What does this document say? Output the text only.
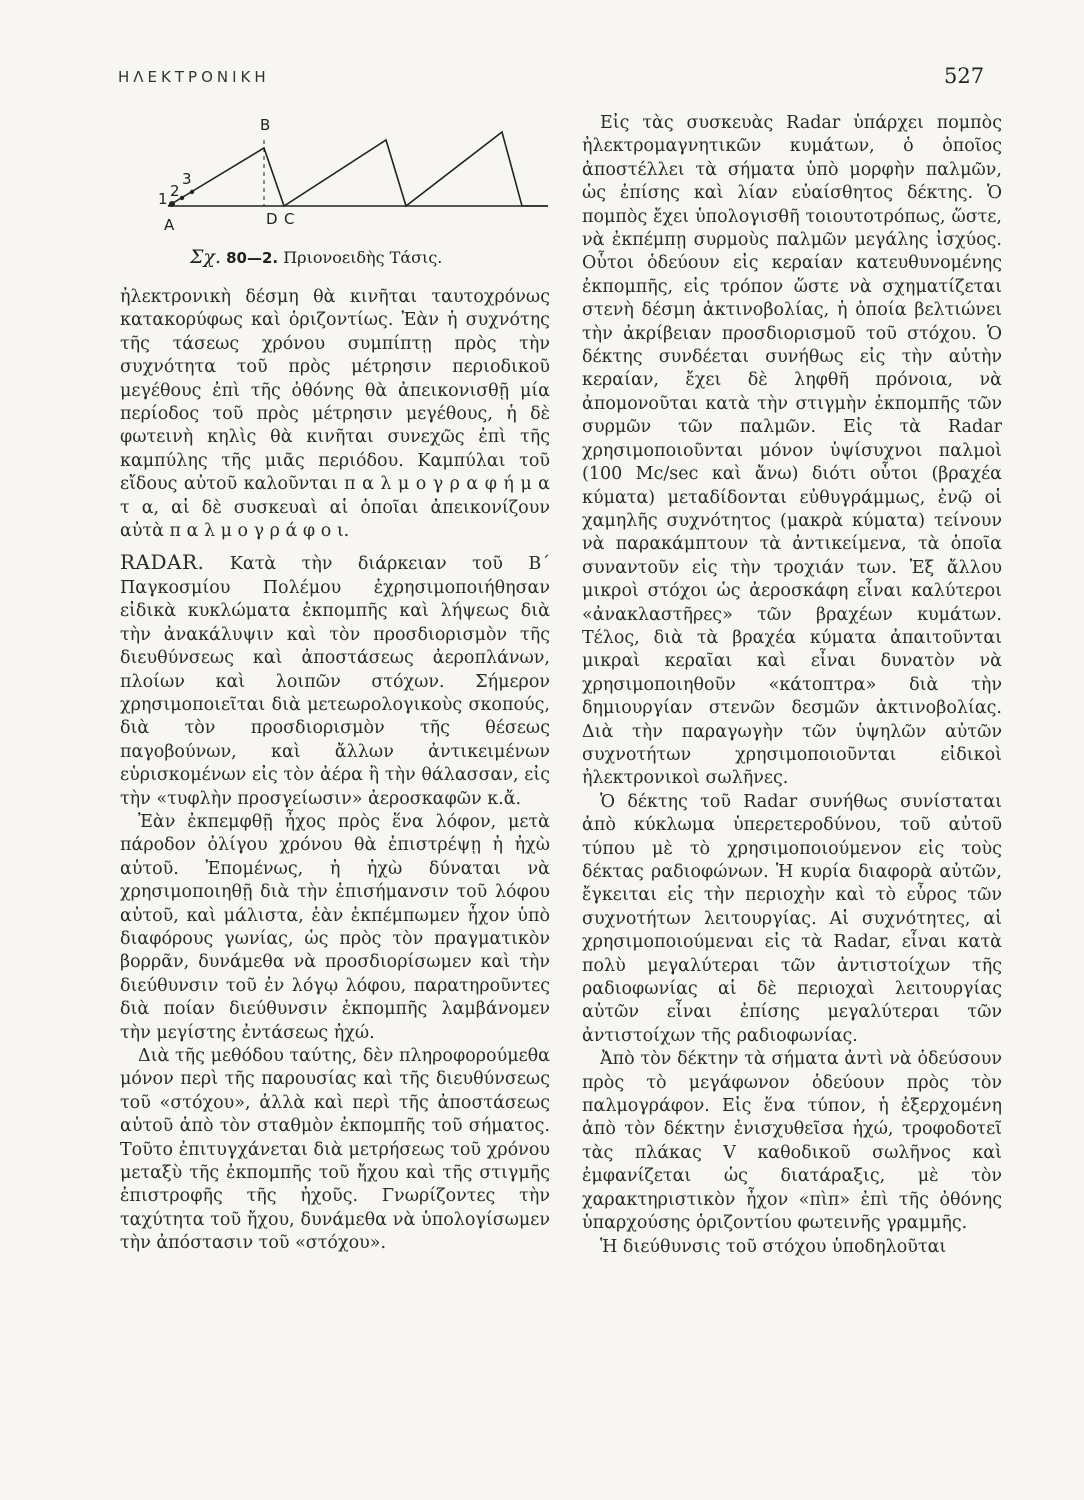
ΗΛΕΚΤΡΟΝΙΚΗ	527
B
1 2
3
A	D C
Σχ. 80—2. Πριονοειδὴς Τάσις.

ἠλεκτρονικὴ δέσμη θὰ κινῆται ταυτοχρόνως κατακορύφως καὶ ὁριζοντίως. Ἐὰν ἡ συχνότης τῆς τάσεως χρόνου συμπίπτῃ πρὸς τὴν συχνότητα τοῦ πρὸς μέτρησιν περιοδικοῦ μεγέθους ἐπὶ τῆς ὀθόνης θὰ ἀπεικονισθῇ μία περίοδος τοῦ πρὸς μέτρησιν μεγέθους, ἡ δὲ φωτεινὴ κηλὶς θὰ κινῆται συνεχῶς ἐπὶ τῆς καμπύλης τῆς μιᾶς περιόδου. Καμπύλαι τοῦ εἴδους αὐτοῦ καλοῦνται π α λ μ ο γ ρ α φ ή μ α τ α, αἱ δὲ συσκευαὶ αἱ ὁποῖαι ἀπεικονίζουν αὐτὰ π α λ μ ο γ ρ ά φ ο ι.

RADAR. Κατὰ τὴν διάρκειαν τοῦ Β΄ Παγκοσμίου Πολέμου ἐχρησιμοποιήθησαν εἰδικὰ κυκλώματα ἐκπομπῆς καὶ λήψεως διὰ τὴν ἀνακάλυψιν καὶ τὸν προσδιορισμὸν τῆς διευθύνσεως καὶ ἀποστάσεως ἀεροπλάνων, πλοίων καὶ λοιπῶν στόχων. Σήμερον χρησιμοποιεῖται διὰ μετεωρολογικοὺς σκοπούς, διὰ τὸν προσδιορισμὸν τῆς θέσεως παγοβούνων, καὶ ἄλλων ἀντικειμένων εὑρισκομένων εἰς τὸν ἀέρα ἢ τὴν θάλασσαν, εἰς τὴν «τυφλὴν προσγείωσιν» ἀεροσκαφῶν κ.ἄ.

Ἐὰν ἐκπεμφθῇ ἦχος πρὸς ἕνα λόφον, μετὰ πάροδον ὀλίγου χρόνου θὰ ἐπιστρέψῃ ἡ ἠχὼ αὐτοῦ. Ἐπομένως, ἡ ἠχὼ δύναται νὰ χρησιμοποιηθῇ διὰ τὴν ἐπισήμανσιν τοῦ λόφου αὐτοῦ, καὶ μάλιστα, ἐὰν ἐκπέμπωμεν ἦχον ὑπὸ διαφόρους γωνίας, ὡς πρὸς τὸν πραγματικὸν βορρᾶν, δυνάμεθα νὰ προσδιορίσωμεν καὶ τὴν διεύθυνσιν τοῦ ἐν λόγῳ λόφου, παρατηροῦντες διὰ ποίαν διεύθυνσιν ἐκπομπῆς λαμβάνομεν τὴν μεγίστης ἐντάσεως ἠχώ.

Διὰ τῆς μεθόδου ταύτης, δὲν πληροφορούμεθα μόνον περὶ τῆς παρουσίας καὶ τῆς διευθύνσεως τοῦ «στόχου», ἀλλὰ καὶ περὶ τῆς ἀποστάσεως αὐτοῦ ἀπὸ τὸν σταθμὸν ἐκπομπῆς τοῦ σήματος. Τοῦτο ἐπιτυγχάνεται διὰ μετρήσεως τοῦ χρόνου μεταξὺ τῆς ἐκπομπῆς τοῦ ἤχου καὶ τῆς στιγμῆς ἐπιστροφῆς τῆς ἠχοῦς. Γνωρίζοντες τὴν ταχύτητα τοῦ ἤχου, δυνάμεθα νὰ ὑπολογίσωμεν τὴν ἀπόστασιν τοῦ «στόχου».

Εἰς τὰς συσκευὰς Radar ὑπάρχει πομπὸς ἠλεκτρομαγνητικῶν κυμάτων, ὁ ὁποῖος ἀποστέλλει τὰ σήματα ὑπὸ μορφὴν παλμῶν, ὡς ἐπίσης καὶ λίαν εὐαίσθητος δέκτης. Ὁ πομπὸς ἔχει ὑπολογισθῆ τοιουτοτρόπως, ὥστε, νὰ ἐκπέμπῃ συρμοὺς παλμῶν μεγάλης ἰσχύος. Οὗτοι ὁδεύουν εἰς κεραίαν κατευθυνομένης ἐκπομπῆς, εἰς τρόπον ὥστε νὰ σχηματίζεται στενὴ δέσμη ἀκτινοβολίας, ἡ ὁποία βελτιώνει τὴν ἀκρίβειαν προσδιορισμοῦ τοῦ στόχου. Ὁ δέκτης συνδέεται συνήθως εἰς τὴν αὐτὴν κεραίαν, ἔχει δὲ ληφθῆ πρόνοια, νὰ ἀπομονοῦται κατὰ τὴν στιγμὴν ἐκπομπῆς τῶν συρμῶν τῶν παλμῶν. Εἰς τὰ Radar χρησιμοποιοῦνται μόνον ὑψίσυχνοι παλμοὶ (100 Mc/sec καὶ ἄνω) διότι οὗτοι (βραχέα κύματα) μεταδίδονται εὐθυγράμμως, ἐνῷ οἱ χαμηλῆς συχνότητος (μακρὰ κύματα) τείνουν νὰ παρακάμπτουν τὰ ἀντικείμενα, τὰ ὁποῖα συναντοῦν εἰς τὴν τροχιάν των. Ἐξ ἄλλου μικροὶ στόχοι ὡς ἀεροσκάφη εἶναι καλύτεροι «ἀνακλαστῆρες» τῶν βραχέων κυμάτων. Τέλος, διὰ τὰ βραχέα κύματα ἀπαιτοῦνται μικραὶ κεραῖαι καὶ εἶναι δυνατὸν νὰ χρησιμοποιηθοῦν «κάτοπτρα» διὰ τὴν δημιουργίαν στενῶν δεσμῶν ἀκτινοβολίας. Διὰ τὴν παραγωγὴν τῶν ὑψηλῶν αὐτῶν συχνοτήτων χρησιμοποιοῦνται εἰδικοὶ ἠλεκτρονικοὶ σωλῆνες.

Ὁ δέκτης τοῦ Radar συνήθως συνίσταται ἀπὸ κύκλωμα ὑπερετεροδύνου, τοῦ αὐτοῦ τύπου μὲ τὸ χρησιμοποιούμενον εἰς τοὺς δέκτας ραδιοφώνων. Ἡ κυρία διαφορὰ αὐτῶν, ἔγκειται εἰς τὴν περιοχὴν καὶ τὸ εὖρος τῶν συχνοτήτων λειτουργίας. Αἱ συχνότητες, αἱ χρησιμοποιούμεναι εἰς τὰ Radar, εἶναι κατὰ πολὺ μεγαλύτεραι τῶν ἀντιστοίχων τῆς ραδιοφωνίας αἱ δὲ περιοχαὶ λειτουργίας αὐτῶν εἶναι ἐπίσης μεγαλύτεραι τῶν ἀντιστοίχων τῆς ραδιοφωνίας.

Ἀπὸ τὸν δέκτην τὰ σήματα ἀντὶ νὰ ὁδεύσουν πρὸς τὸ μεγάφωνον ὁδεύουν πρὸς τὸν παλμογράφον. Εἰς ἕνα τύπον, ἡ ἐξερχομένη ἀπὸ τὸν δέκτην ἐνισχυθεῖσα ἠχώ, τροφοδοτεῖ τὰς πλάκας V καθοδικοῦ σωλῆνος καὶ ἐμφανίζεται ὡς διατάραξις, μὲ τὸν χαρακτηριστικὸν ἦχον «πὶπ» ἐπὶ τῆς ὀθόνης ὑπαρχούσης ὁριζοντίου φωτεινῆς γραμμῆς.

Ἡ διεύθυνσις τοῦ στόχου ὑποδηλοῦται
